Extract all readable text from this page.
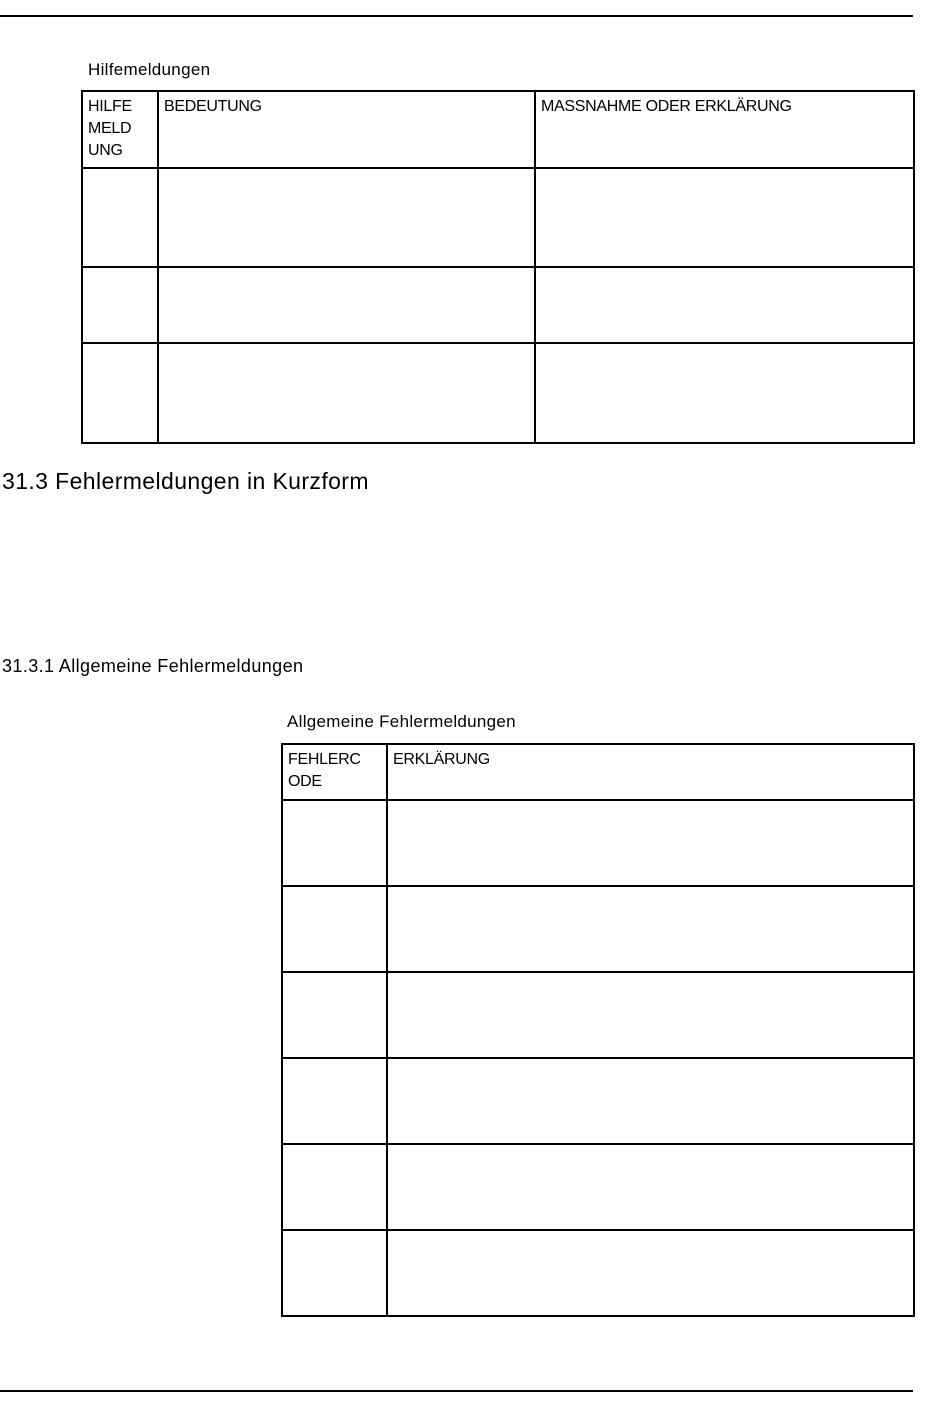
Hilfemeldungen
HILFE
MELD
UNG	BEDEUTUNG	MASSNAHME ODER ERKLÄRUNG

31.3 Fehlermeldungen in Kurzform
31.3.1 Allgemeine Fehlermeldungen
Allgemeine Fehlermeldungen
FEHLERC
ODE	ERKLÄRUNG
